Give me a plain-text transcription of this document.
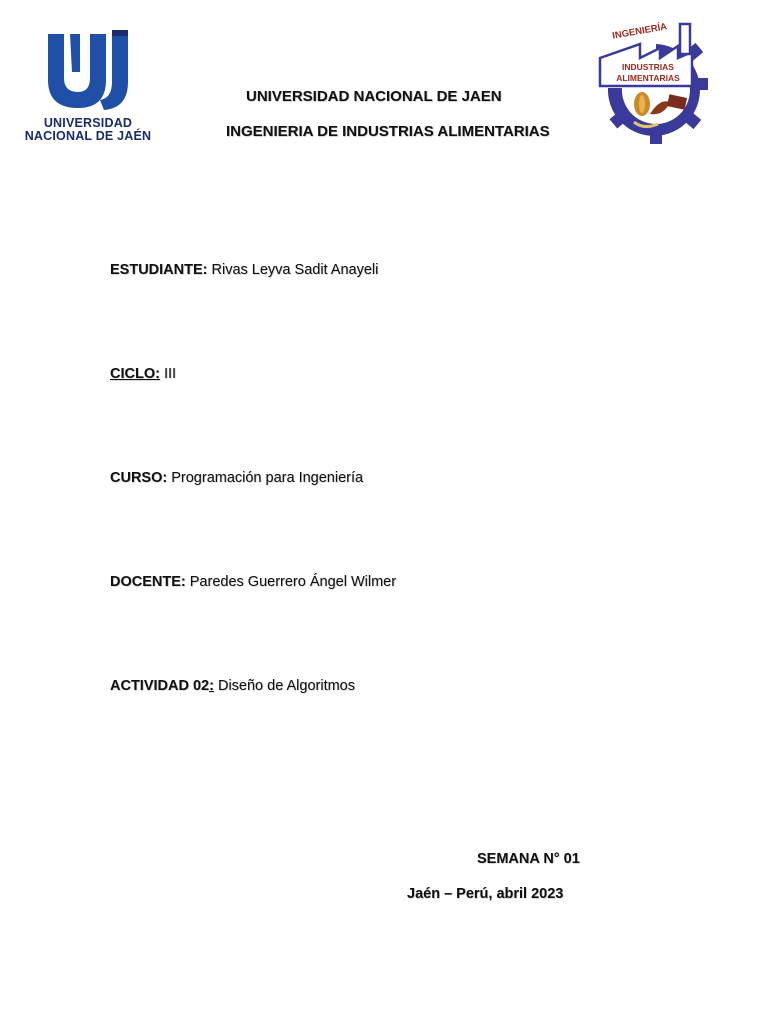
UNIVERSIDAD
NACIONAL DE JAÉN
INGENIERÍA
INDUSTRIAS
ALIMENTARIAS
UNIVERSIDAD NACIONAL DE JAEN
INGENIERIA DE INDUSTRIAS ALIMENTARIAS
ESTUDIANTE: Rivas Leyva Sadit Anayeli
CICLO: III
CURSO: Programación para Ingeniería
DOCENTE: Paredes Guerrero Ángel Wilmer
ACTIVIDAD 02: Diseño de Algoritmos
SEMANA N° 01
Jaén – Perú, abril 2023
